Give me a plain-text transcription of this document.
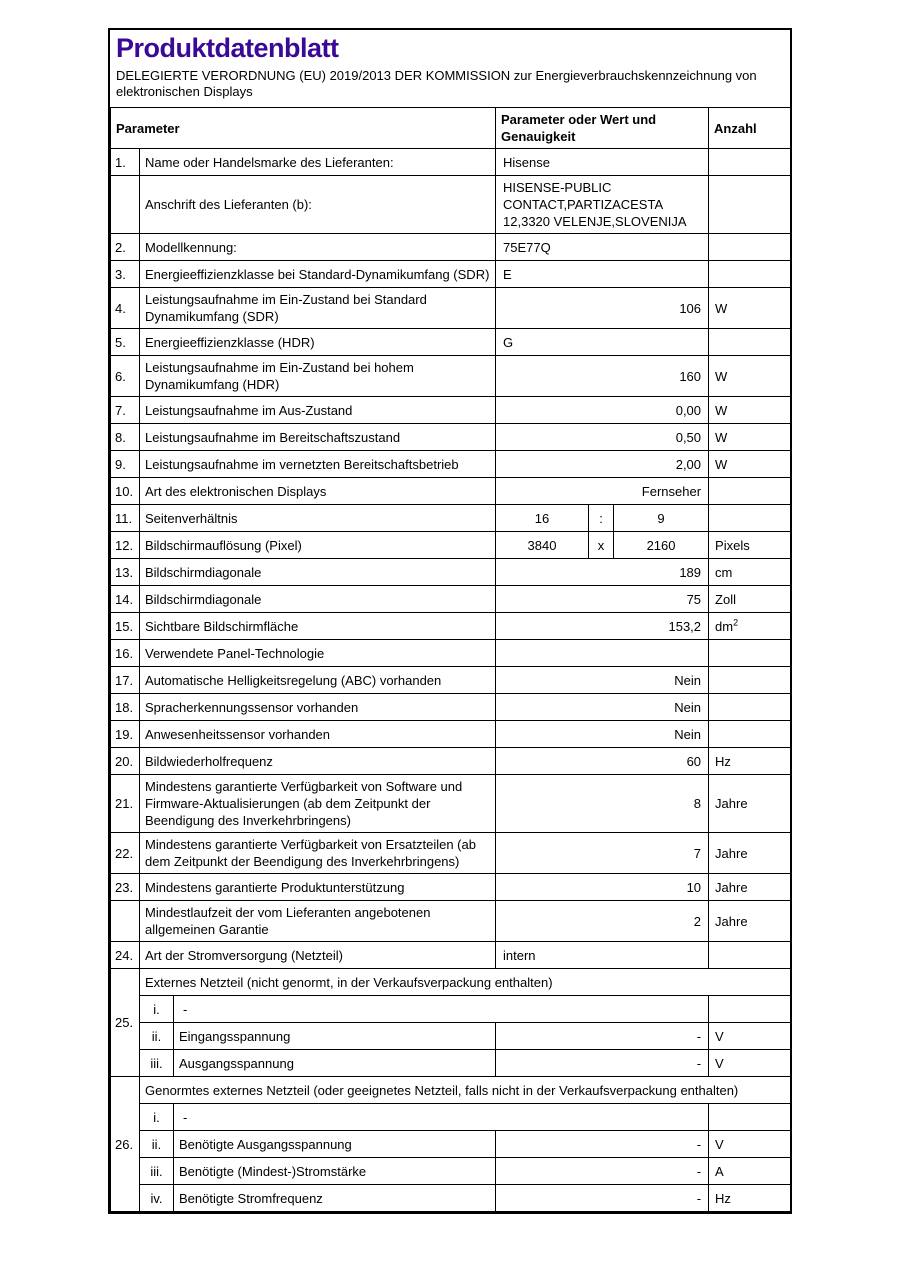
Produktdatenblatt

DELEGIERTE VERORDNUNG (EU) 2019/2013 DER KOMMISSION zur Energieverbrauchskennzeichnung von elektronischen Displays

Parameter			Parameter oder Wert und Genauigkeit			Anzahl
1.	Name oder Handelsmarke des Lieferanten:		Hisense			
	Anschrift des Lieferanten (b):		HISENSE-PUBLIC CONTACT,PARTIZACESTA 12,3320 VELENJE,SLOVENIJA			
2.	Modellkennung:		75E77Q			
3.	Energieeffizienzklasse bei Standard-Dynamikumfang (SDR)		E			
4.	Leistungsaufnahme im Ein-Zustand bei Standard Dynamikumfang (SDR)		106			W
5.	Energieeffizienzklasse (HDR)		G			
6.	Leistungsaufnahme im Ein-Zustand bei hohem Dynamikumfang (HDR)		160			W
7.	Leistungsaufnahme im Aus-Zustand		0,00			W
8.	Leistungsaufnahme im Bereitschaftszustand		0,50			W
9.	Leistungsaufnahme im vernetzten Bereitschaftsbetrieb		2,00			W
10.	Art des elektronischen Displays		Fernseher			
11.	Seitenverhältnis		16	:	9	
12.	Bildschirmauflösung (Pixel)		3840	x	2160	Pixels
13.	Bildschirmdiagonale		189			cm
14.	Bildschirmdiagonale		75			Zoll
15.	Sichtbare Bildschirmfläche		153,2			$dm^2$
16.	Verwendete Panel-Technologie					
17.	Automatische Helligkeitsregelung (ABC) vorhanden		Nein			
18.	Spracherkennungssensor vorhanden		Nein			
19.	Anwesenheitssensor vorhanden		Nein			
20.	Bildwiederholfrequenz		60			Hz
21.	Mindestens garantierte Verfügbarkeit von Software und Firmware-Aktualisierungen (ab dem Zeitpunkt der Beendigung des Inverkehrbringens)		8			Jahre
22.	Mindestens garantierte Verfügbarkeit von Ersatzteilen (ab dem Zeitpunkt der Beendigung des Inverkehrbringens)		7			Jahre
23.	Mindestens garantierte Produktunterstützung		10			Jahre
	Mindestlaufzeit der vom Lieferanten angebotenen allgemeinen Garantie		2			Jahre
24.	Art der Stromversorgung (Netzteil)		intern			
25.	Externes Netzteil (nicht genormt, in der Verkaufsverpackung enthalten)					
	i.	-				
	ii.	Eingangsspannung	-			V
	iii.	Ausgangsspannung	-			V
26.	Genormtes externes Netzteil (oder geeignetes Netzteil, falls nicht in der Verkaufsverpackung enthalten)					
	i.	-				
	ii.	Benötigte Ausgangsspannung	-			V
	iii.	Benötigte (Mindest-)Stromstärke	-			A
	iv.	Benötigte Stromfrequenz	-			Hz
